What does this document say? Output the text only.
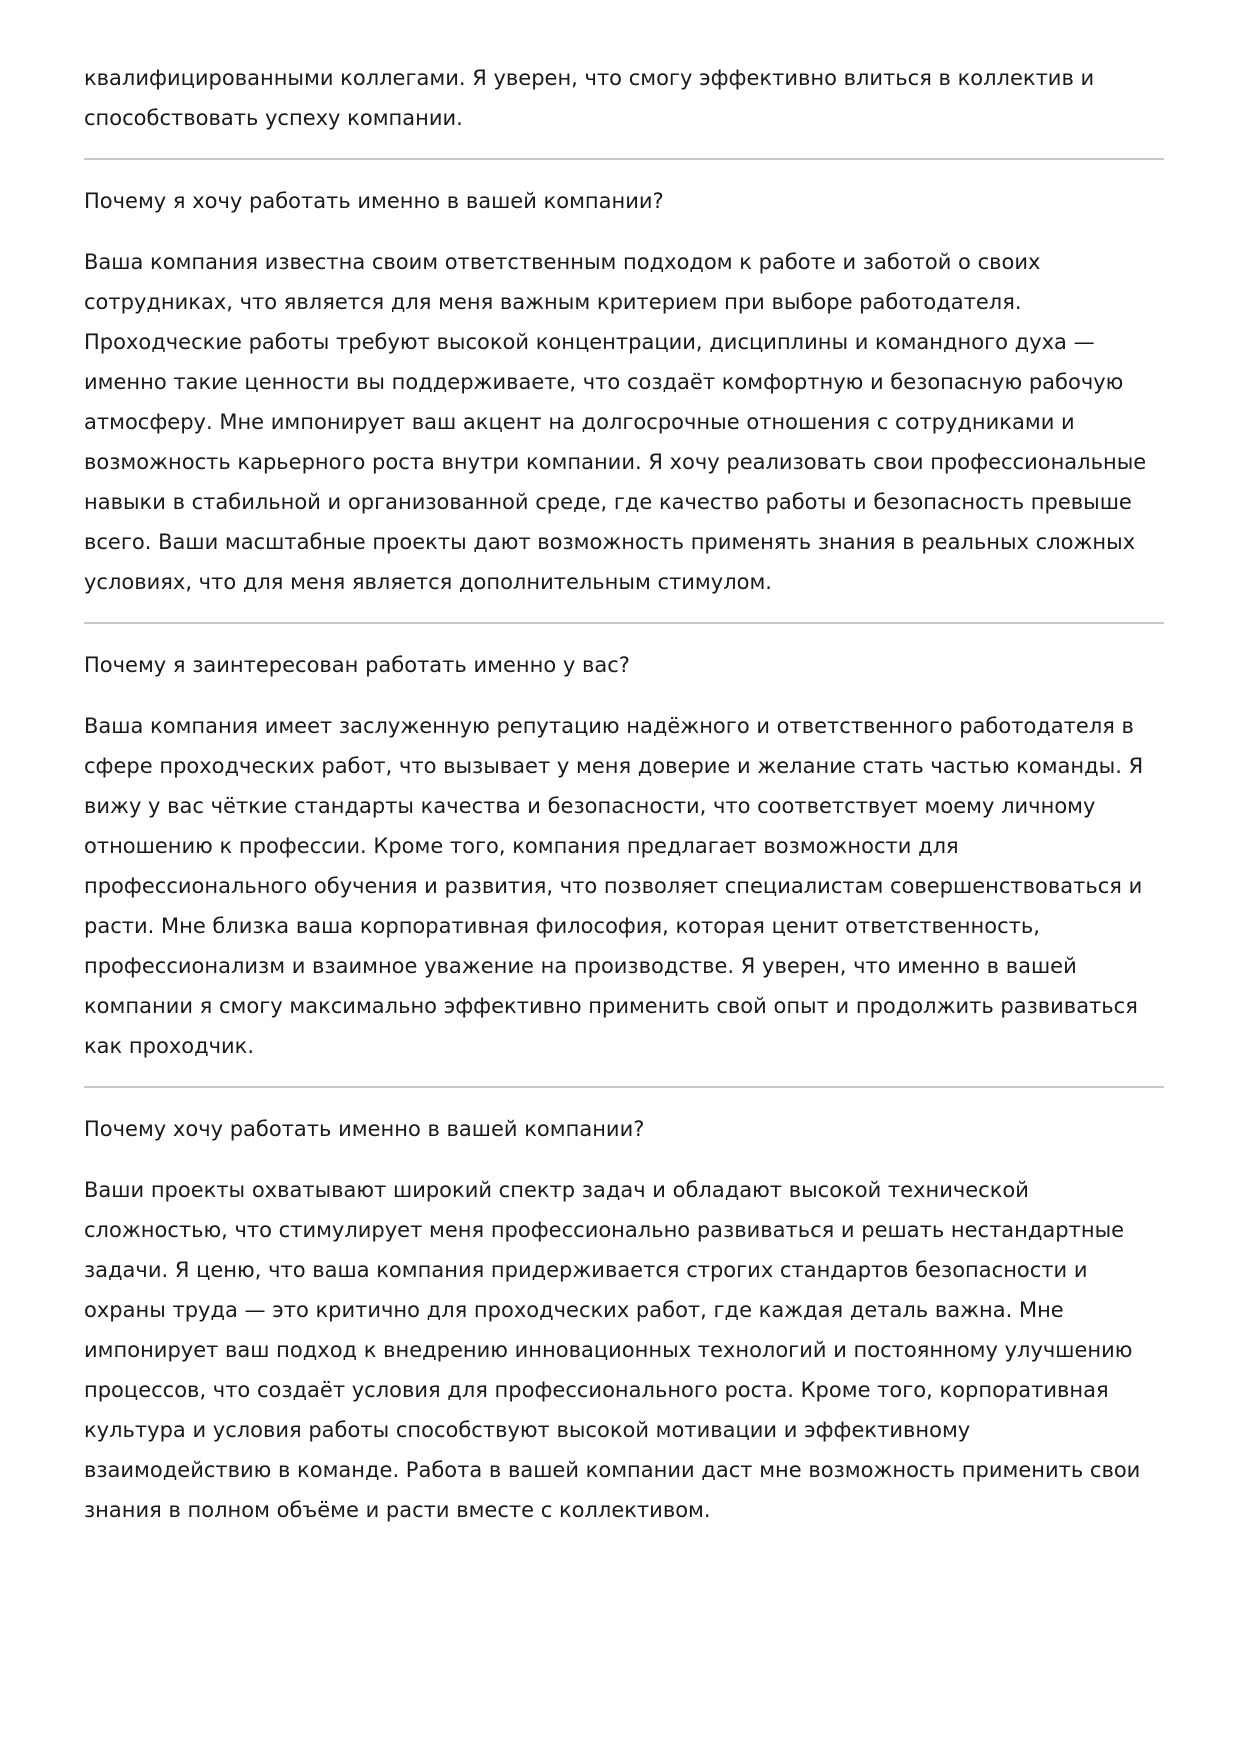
квалифицированными коллегами. Я уверен, что смогу эффективно влиться в коллектив и способствовать успеху компании.

Почему я хочу работать именно в вашей компании?

Ваша компания известна своим ответственным подходом к работе и заботой о своих сотрудниках, что является для меня важным критерием при выборе работодателя. Проходческие работы требуют высокой концентрации, дисциплины и командного духа — именно такие ценности вы поддерживаете, что создаёт комфортную и безопасную рабочую атмосферу. Мне импонирует ваш акцент на долгосрочные отношения с сотрудниками и возможность карьерного роста внутри компании. Я хочу реализовать свои профессиональные навыки в стабильной и организованной среде, где качество работы и безопасность превыше всего. Ваши масштабные проекты дают возможность применять знания в реальных сложных условиях, что для меня является дополнительным стимулом.

Почему я заинтересован работать именно у вас?

Ваша компания имеет заслуженную репутацию надёжного и ответственного работодателя в сфере проходческих работ, что вызывает у меня доверие и желание стать частью команды. Я вижу у вас чёткие стандарты качества и безопасности, что соответствует моему личному отношению к профессии. Кроме того, компания предлагает возможности для профессионального обучения и развития, что позволяет специалистам совершенствоваться и расти. Мне близка ваша корпоративная философия, которая ценит ответственность, профессионализм и взаимное уважение на производстве. Я уверен, что именно в вашей компании я смогу максимально эффективно применить свой опыт и продолжить развиваться как проходчик.

Почему хочу работать именно в вашей компании?

Ваши проекты охватывают широкий спектр задач и обладают высокой технической сложностью, что стимулирует меня профессионально развиваться и решать нестандартные задачи. Я ценю, что ваша компания придерживается строгих стандартов безопасности и охраны труда — это критично для проходческих работ, где каждая деталь важна. Мне импонирует ваш подход к внедрению инновационных технологий и постоянному улучшению процессов, что создаёт условия для профессионального роста. Кроме того, корпоративная культура и условия работы способствуют высокой мотивации и эффективному взаимодействию в команде. Работа в вашей компании даст мне возможность применить свои знания в полном объёме и расти вместе с коллективом.
